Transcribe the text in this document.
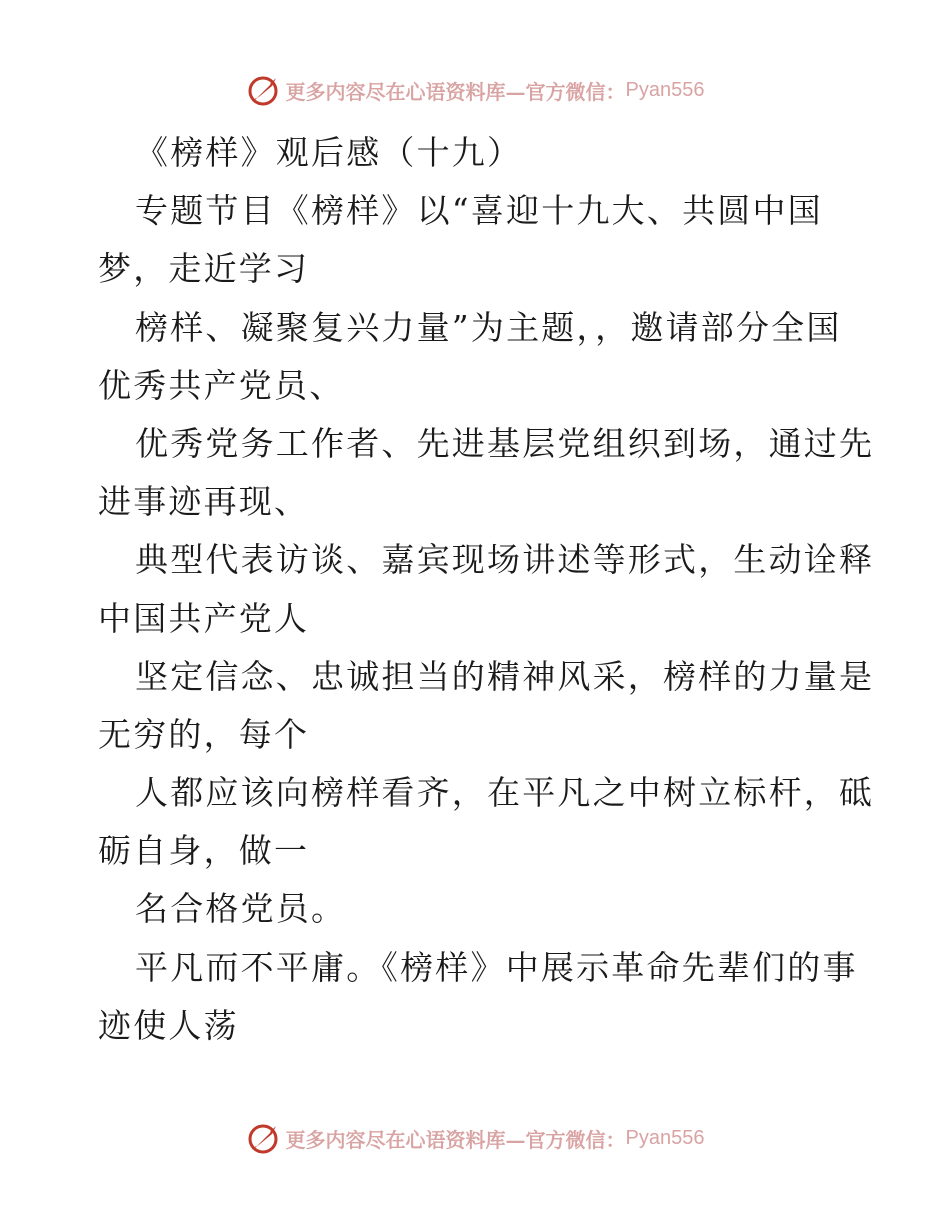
更多内容尽在心语资料库—官方微信： Pyan556
《榜样》观后感（十九）
专题节目《榜样》以“喜迎十九大、共圆中国
梦，走近学习
榜样、凝聚复兴力量”为主题，，邀请部分全国
优秀共产党员、
优秀党务工作者、先进基层党组织到场，通过先
进事迹再现、
典型代表访谈、嘉宾现场讲述等形式，生动诠释
中国共产党人
坚定信念、忠诚担当的精神风采，榜样的力量是
无穷的，每个
人都应该向榜样看齐，在平凡之中树立标杆，砥
砺自身，做一
名合格党员。
平凡而不平庸。《榜样》中展示革命先辈们的事
迹使人荡
更多内容尽在心语资料库—官方微信： Pyan556
